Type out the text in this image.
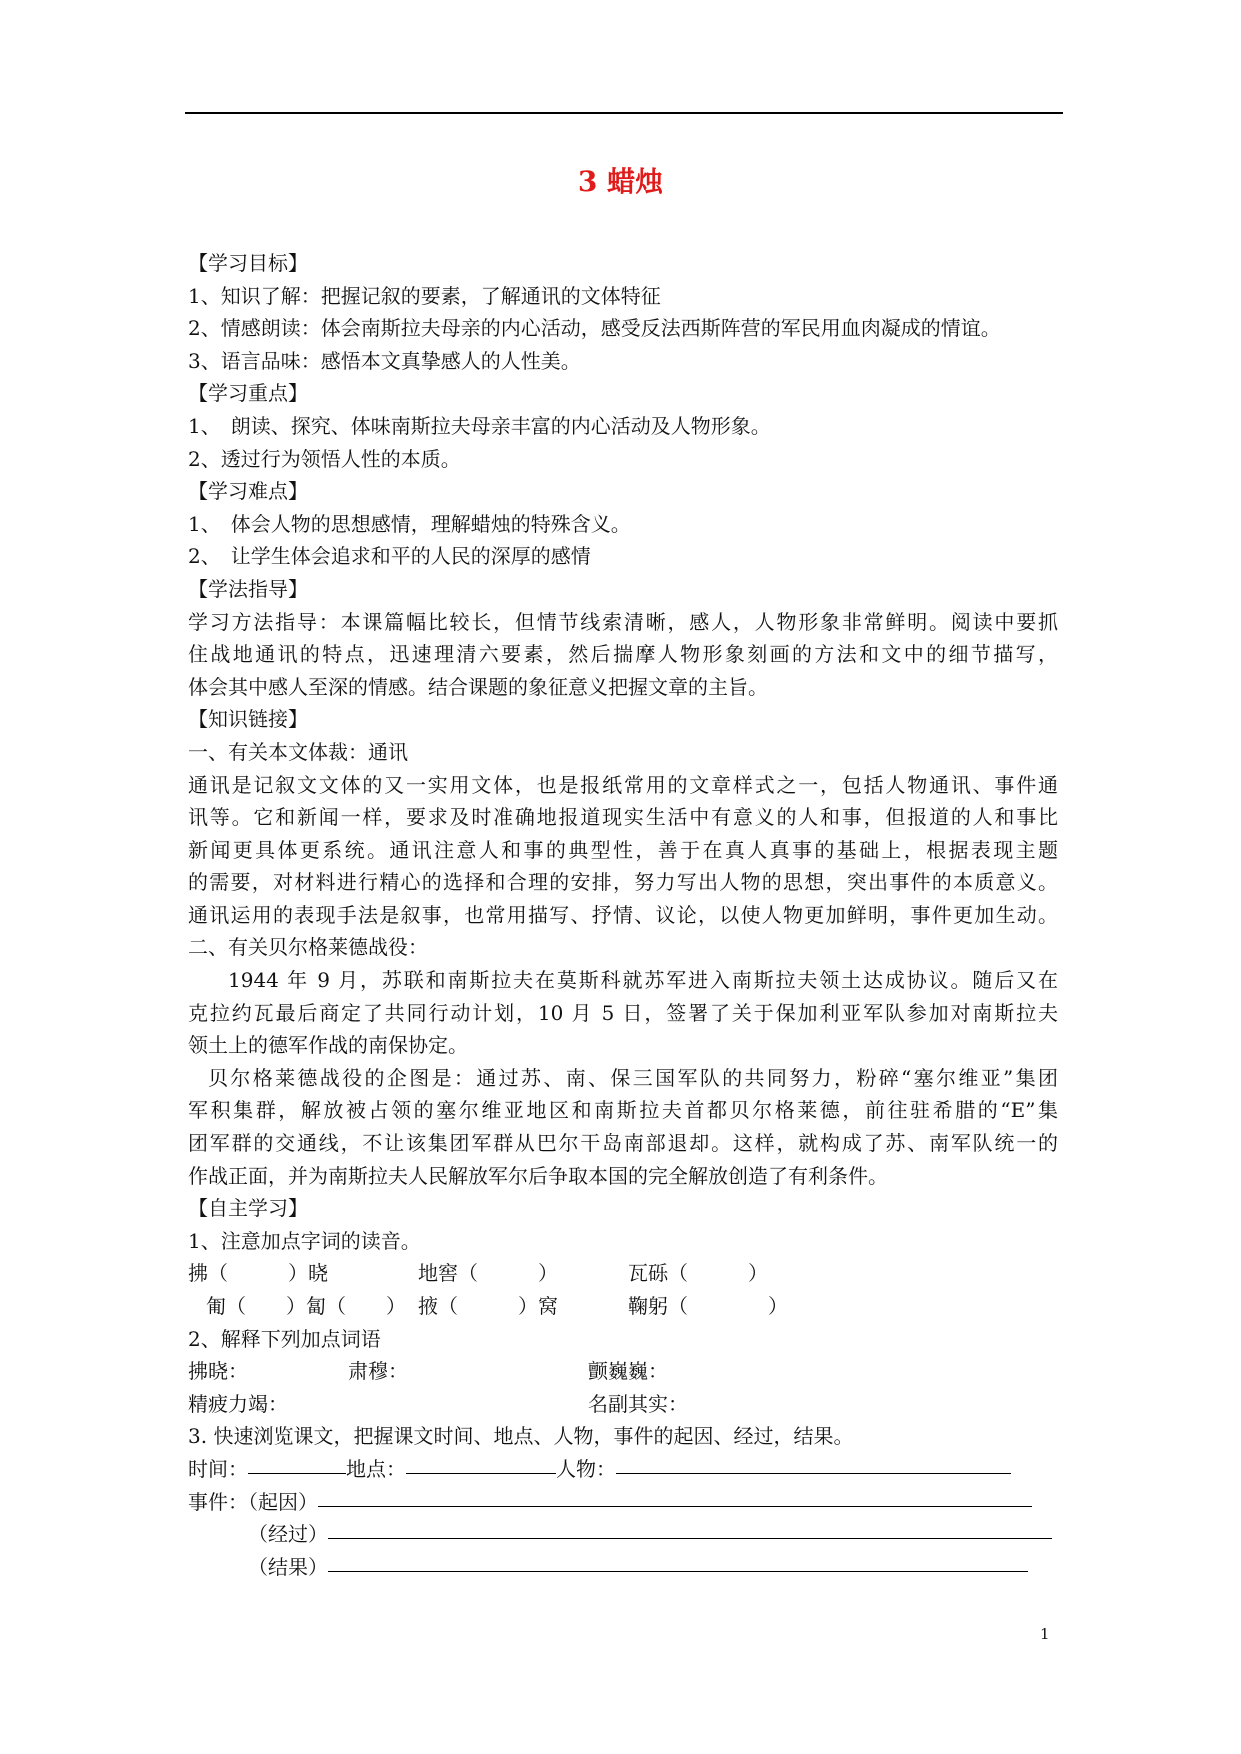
3 蜡烛
【学习目标】
1、知识了解：把握记叙的要素，了解通讯的文体特征
2、情感朗读：体会南斯拉夫母亲的内心活动，感受反法西斯阵营的军民用血肉凝成的情谊。
3、语言品味：感悟本文真挚感人的人性美。
【学习重点】
1、　朗读、探究、体味南斯拉夫母亲丰富的内心活动及人物形象。
2、透过行为领悟人性的本质。
【学习难点】
1、　体会人物的思想感情，理解蜡烛的特殊含义。
2、　让学生体会追求和平的人民的深厚的感情
【学法指导】
学习方法指导：本课篇幅比较长，但情节线索清晰，感人，人物形象非常鲜明。阅读中要抓
住战地通讯的特点，迅速理清六要素，然后揣摩人物形象刻画的方法和文中的细节描写，
体会其中感人至深的情感。结合课题的象征意义把握文章的主旨。
【知识链接】
一、有关本文体裁：通讯
通讯是记叙文文体的又一实用文体，也是报纸常用的文章样式之一，包括人物通讯、事件通
讯等。它和新闻一样，要求及时准确地报道现实生活中有意义的人和事，但报道的人和事比
新闻更具体更系统。通讯注意人和事的典型性，善于在真人真事的基础上，根据表现主题
的需要，对材料进行精心的选择和合理的安排，努力写出人物的思想，突出事件的本质意义。
通讯运用的表现手法是叙事，也常用描写、抒情、议论，以使人物更加鲜明，事件更加生动。
二、有关贝尔格莱德战役：
1944 年 9 月，苏联和南斯拉夫在莫斯科就苏军进入南斯拉夫领土达成协议。随后又在
克拉约瓦最后商定了共同行动计划，10 月 5 日，签署了关于保加利亚军队参加对南斯拉夫
领土上的德军作战的南保协定。
贝尔格莱德战役的企图是：通过苏、南、保三国军队的共同努力，粉碎“塞尔维亚”集团
军积集群，解放被占领的塞尔维亚地区和南斯拉夫首都贝尔格莱德，前往驻希腊的“E”集
团军群的交通线，不让该集团军群从巴尔干岛南部退却。这样，就构成了苏、南军队统一的
作战正面，并为南斯拉夫人民解放军尔后争取本国的完全解放创造了有利条件。
【自主学习】
1、注意加点字词的读音。
拂（　　　）晓	地窖（　　　）	瓦砾（　　　）
匍（　　）匐（　　） 掖（　　　）窝	鞠躬（　　　　）
2、解释下列加点词语
拂晓：	肃穆：	颤巍巍：
精疲力竭：	名副其实：
3. 快速浏览课文，把握课文时间、地点、人物，事件的起因、经过，结果。
时间：	地点：	人物：
事件：（起因）
（经过）
（结果）
1
